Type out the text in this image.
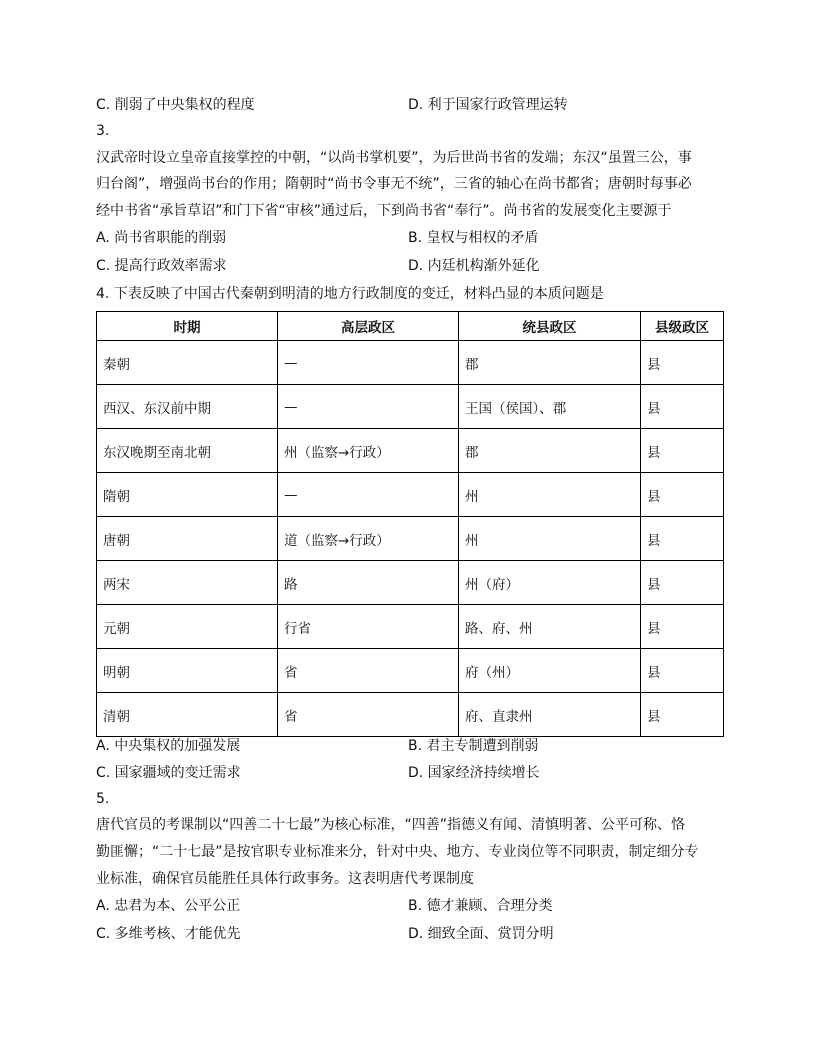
C. 削弱了中央集权的程度	D. 利于国家行政管理运转
3.
汉武帝时设立皇帝直接掌控的中朝，“以尚书掌机要”，为后世尚书省的发端；东汉“虽置三公，事
归台阁”，增强尚书台的作用；隋朝时“尚书令事无不统”，三省的轴心在尚书都省；唐朝时每事必
经中书省“承旨草诏”和门下省“审核”通过后，下到尚书省“奉行”。尚书省的发展变化主要源于
A. 尚书省职能的削弱	B. 皇权与相权的矛盾
C. 提高行政效率需求	D. 内廷机构渐外延化
4. 下表反映了中国古代秦朝到明清的地方行政制度的变迁，材料凸显的本质问题是
时期	高层政区	统县政区	县级政区
秦朝	—	郡	县
西汉、东汉前中期	—	王国（侯国）、郡	县
东汉晚期至南北朝	州（监察→行政）	郡	县
隋朝	—	州	县
唐朝	道（监察→行政）	州	县
两宋	路	州（府）	县
元朝	行省	路、府、州	县
明朝	省	府（州）	县
清朝	省	府、直隶州	县
A. 中央集权的加强发展	B. 君主专制遭到削弱
C. 国家疆域的变迁需求	D. 国家经济持续增长
5.
唐代官员的考课制以“四善二十七最”为核心标准，“四善”指德义有闻、清慎明著、公平可称、恪
勤匪懈；“二十七最”是按官职专业标准来分，针对中央、地方、专业岗位等不同职责，制定细分专
业标准，确保官员能胜任具体行政事务。这表明唐代考课制度
A. 忠君为本、公平公正	B. 德才兼顾、合理分类
C. 多维考核、才能优先	D. 细致全面、赏罚分明
